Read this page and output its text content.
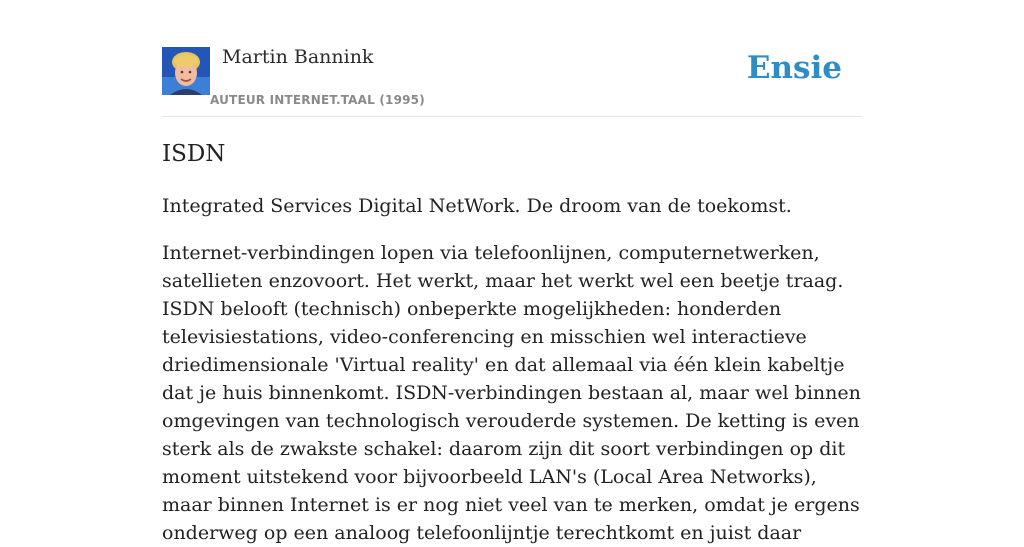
Martin Bannink
AUTEUR INTERNET.TAAL (1995)
Ensie
ISDN

Integrated Services Digital NetWork. De droom van de toekomst.

Internet-verbindingen lopen via telefoonlijnen, computernetwerken, satellieten enzovoort. Het werkt, maar het werkt wel een beetje traag. ISDN belooft (technisch) onbeperkte mogelijkheden: honderden televisiestations, video-conferencing en misschien wel interactieve driedimensionale 'Virtual reality' en dat allemaal via één klein kabeltje dat je huis binnenkomt. ISDN-verbindingen bestaan al, maar wel binnen omgevingen van technologisch verouderde systemen. De ketting is even sterk als de zwakste schakel: daarom zijn dit soort verbindingen op dit moment uitstekend voor bijvoorbeeld LAN's (Local Area Networks), maar binnen Internet is er nog niet veel van te merken, omdat je ergens onderweg op een analoog telefoonlijntje terechtkomt en juist daar
